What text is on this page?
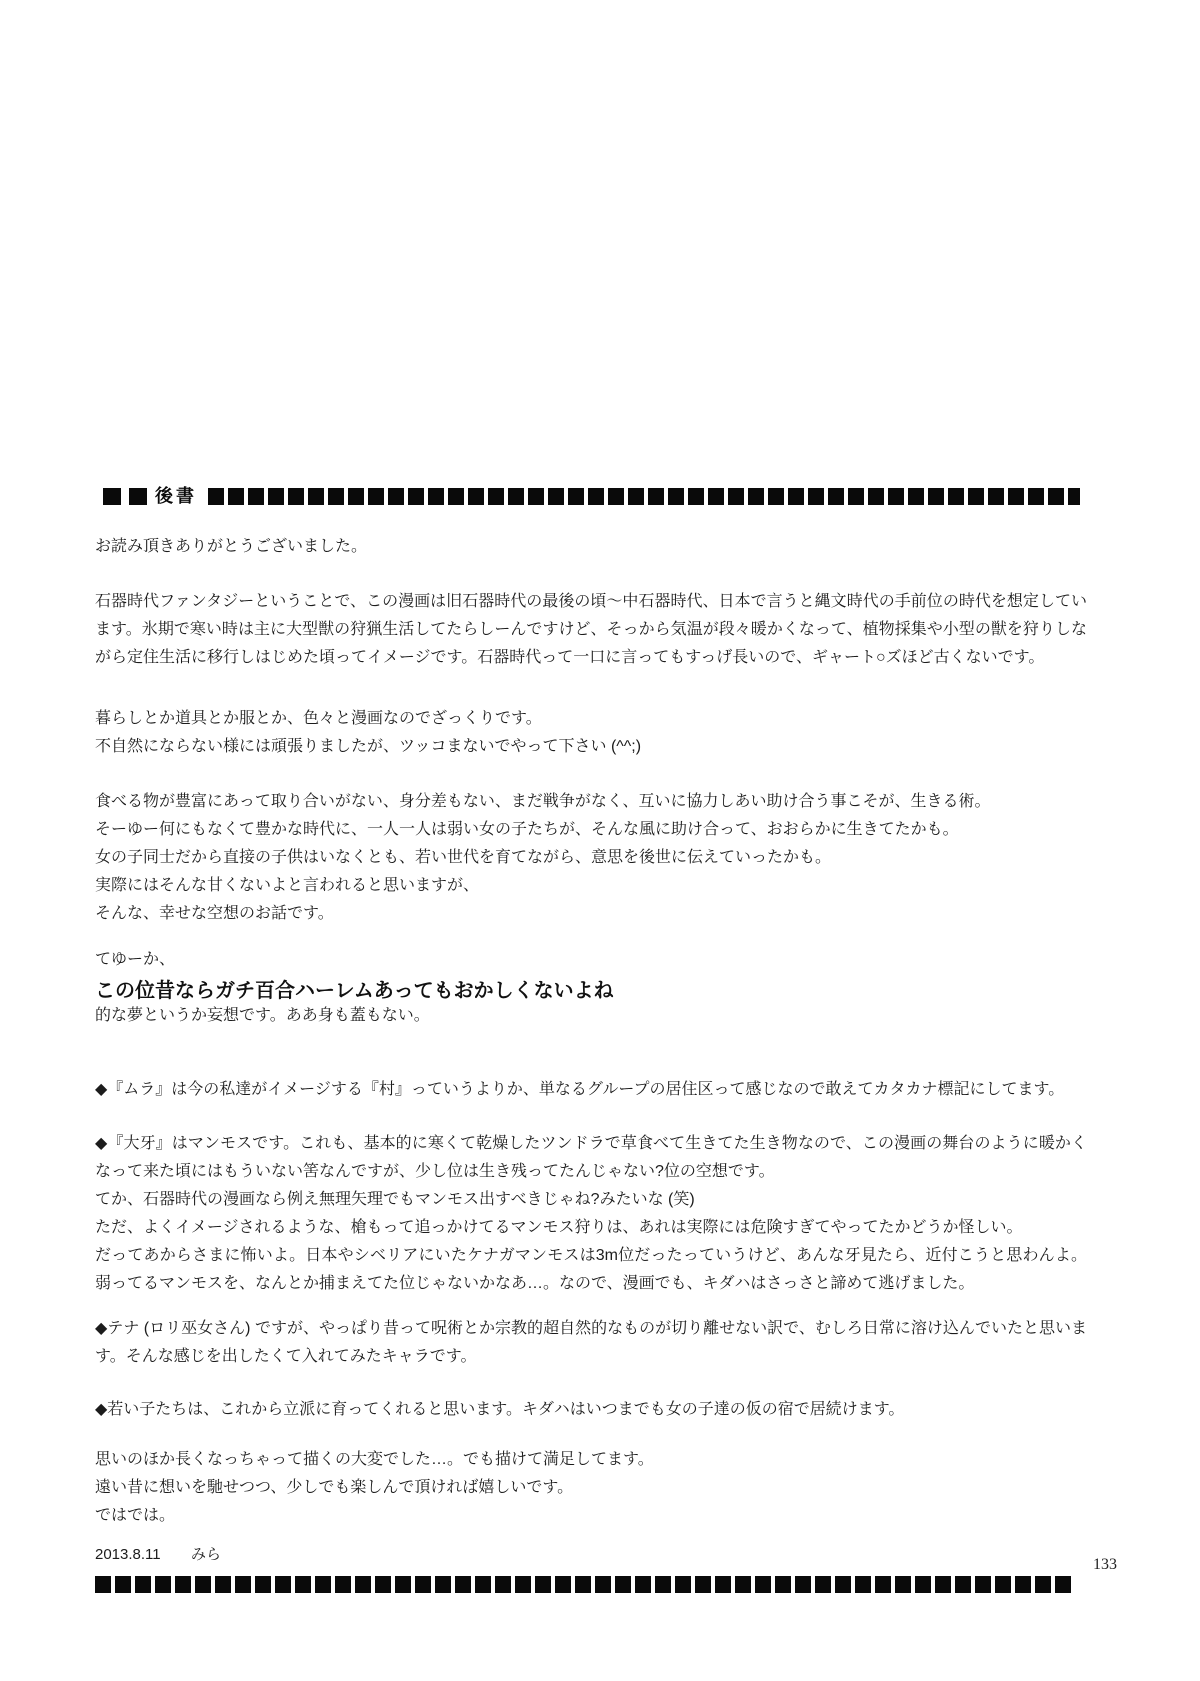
後書
お読み頂きありがとうございました。
石器時代ファンタジーということで、この漫画は旧石器時代の最後の頃～中石器時代、日本で言うと縄文時代の手前位の時代を想定しています。氷期で寒い時は主に大型獣の狩猟生活してたらしーんですけど、そっから気温が段々暖かくなって、植物採集や小型の獣を狩りしながら定住生活に移行しはじめた頃ってイメージです。石器時代って一口に言ってもすっげ長いので、ギャート○ズほど古くないです。
暮らしとか道具とか服とか、色々と漫画なのでざっくりです。
不自然にならない様には頑張りましたが、ツッコまないでやって下さい (^^;)
食べる物が豊富にあって取り合いがない、身分差もない、まだ戦争がなく、互いに協力しあい助け合う事こそが、生きる術。
そーゆー何にもなくて豊かな時代に、一人一人は弱い女の子たちが、そんな風に助け合って、おおらかに生きてたかも。
女の子同士だから直接の子供はいなくとも、若い世代を育てながら、意思を後世に伝えていったかも。
実際にはそんな甘くないよと言われると思いますが、
そんな、幸せな空想のお話です。
てゆーか、
この位昔ならガチ百合ハーレムあってもおかしくないよね
的な夢というか妄想です。ああ身も蓋もない。
◆『ムラ』は今の私達がイメージする『村』っていうよりか、単なるグループの居住区って感じなので敢えてカタカナ標記にしてます。
◆『大牙』はマンモスです。これも、基本的に寒くて乾燥したツンドラで草食べて生きてた生き物なので、この漫画の舞台のように暖かくなって来た頃にはもういない筈なんですが、少し位は生き残ってたんじゃない?位の空想です。
てか、石器時代の漫画なら例え無理矢理でもマンモス出すべきじゃね?みたいな (笑)
ただ、よくイメージされるような、槍もって追っかけてるマンモス狩りは、あれは実際には危険すぎてやってたかどうか怪しい。
だってあからさまに怖いよ。日本やシベリアにいたケナガマンモスは3m位だったっていうけど、あんな牙見たら、近付こうと思わんよ。弱ってるマンモスを、なんとか捕まえてた位じゃないかなあ…。なので、漫画でも、キダハはさっさと諦めて逃げました。
◆テナ (ロリ巫女さん) ですが、やっぱり昔って呪術とか宗教的超自然的なものが切り離せない訳で、むしろ日常に溶け込んでいたと思います。そんな感じを出したくて入れてみたキャラです。
◆若い子たちは、これから立派に育ってくれると思います。キダハはいつまでも女の子達の仮の宿で居続けます。
思いのほか長くなっちゃって描くの大変でした…。でも描けて満足してます。
遠い昔に想いを馳せつつ、少しでも楽しんで頂ければ嬉しいです。
ではでは。
2013.8.11 みら
133
